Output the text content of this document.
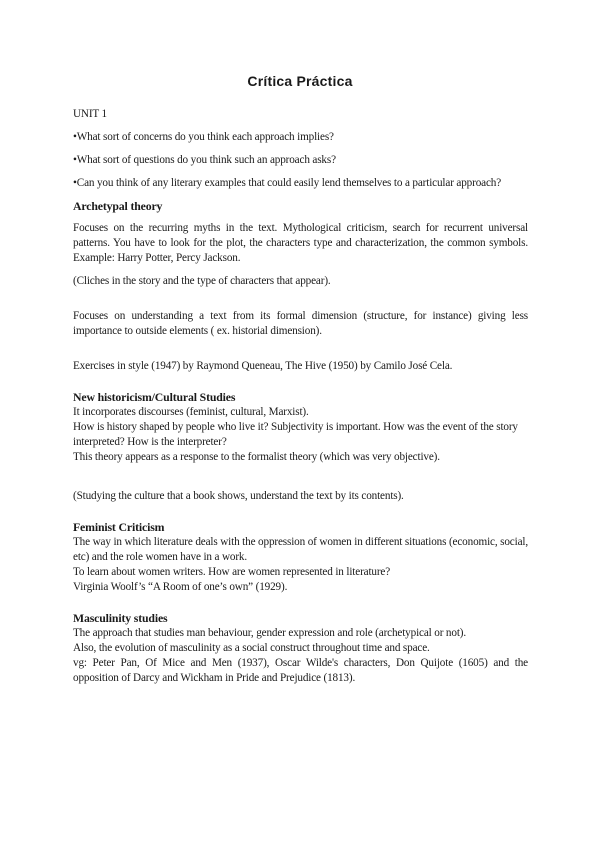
Crítica Práctica

UNIT 1

•What sort of concerns do you think each approach implies?

•What sort of questions do you think such an approach asks?

•Can you think of any literary examples that could easily lend themselves to a particular approach?

Archetypal theory

Focuses on the recurring myths in the text. Mythological criticism, search for recurrent universal patterns. You have to look for the plot, the characters type and characterization, the common symbols. Example: Harry Potter, Percy Jackson.

(Cliches in the story and the type of characters that appear).

Focuses on understanding a text from its formal dimension (structure, for instance) giving less importance to outside elements ( ex. historial dimension).

Exercises in style (1947) by Raymond Queneau, The Hive (1950) by Camilo José Cela.

New historicism/Cultural Studies

It incorporates discourses (feminist, cultural, Marxist).

How is history shaped by people who live it? Subjectivity is important. How was the event of the story interpreted? How is the interpreter?

This theory appears as a response to the formalist theory (which was very objective).

(Studying the culture that a book shows, understand the text by its contents).

Feminist Criticism

The way in which literature deals with the oppression of women in different situations (economic, social, etc) and the role women have in a work.

To learn about women writers. How are women represented in literature?

Virginia Woolf’s “A Room of one’s own” (1929).

Masculinity studies

The approach that studies man behaviour, gender expression and role (archetypical or not).

Also, the evolution of masculinity as a social construct throughout time and space.

vg: Peter Pan, Of Mice and Men (1937), Oscar Wilde's characters, Don Quijote (1605) and the opposition of Darcy and Wickham in Pride and Prejudice (1813).
